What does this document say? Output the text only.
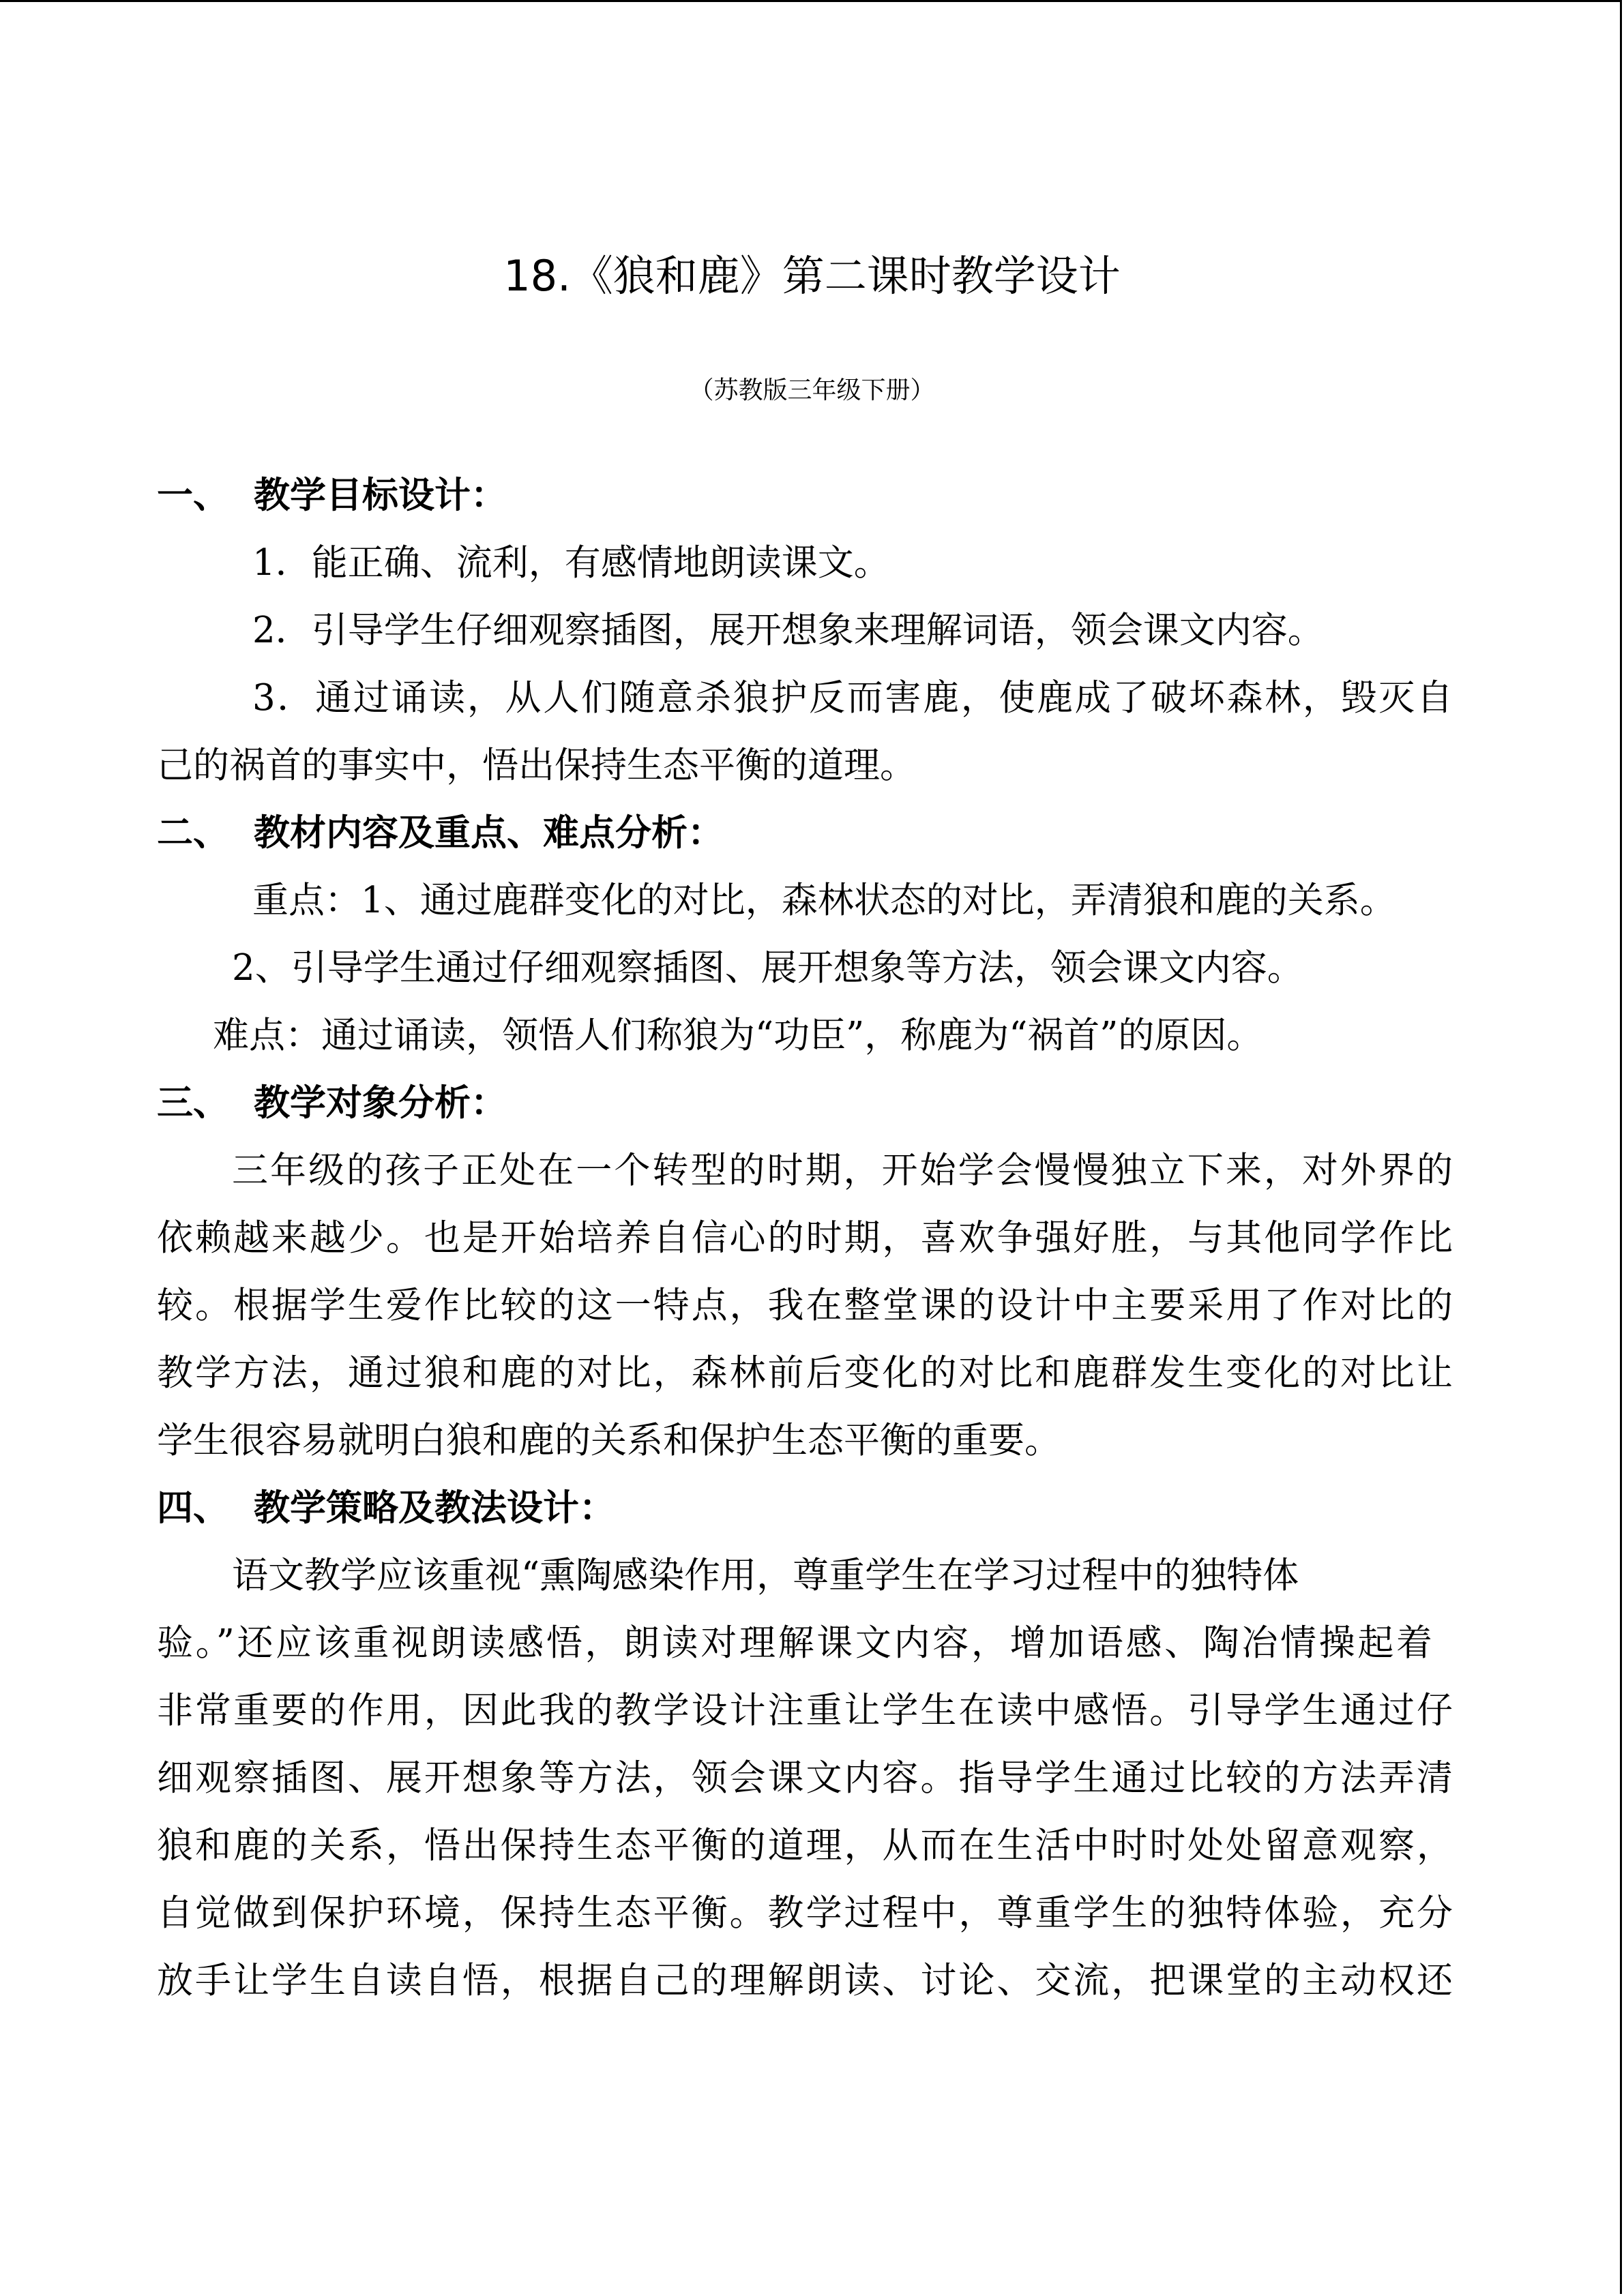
18.《狼和鹿》第二课时教学设计
（苏教版三年级下册）
一、 教学目标设计：
1．能正确、流利，有感情地朗读课文。
2．引导学生仔细观察插图，展开想象来理解词语，领会课文内容。
3．通过诵读，从人们随意杀狼护反而害鹿，使鹿成了破坏森林，毁灭自
己的祸首的事实中，悟出保持生态平衡的道理。
二、 教材内容及重点、难点分析：
重点：1、通过鹿群变化的对比，森林状态的对比，弄清狼和鹿的关系。
2、引导学生通过仔细观察插图、展开想象等方法，领会课文内容。
难点：通过诵读，领悟人们称狼为“功臣”，称鹿为“祸首”的原因。
三、 教学对象分析：
三年级的孩子正处在一个转型的时期，开始学会慢慢独立下来，对外界的
依赖越来越少。也是开始培养自信心的时期，喜欢争强好胜，与其他同学作比
较。根据学生爱作比较的这一特点，我在整堂课的设计中主要采用了作对比的
教学方法，通过狼和鹿的对比，森林前后变化的对比和鹿群发生变化的对比让
学生很容易就明白狼和鹿的关系和保护生态平衡的重要。
四、 教学策略及教法设计：
语文教学应该重视“熏陶感染作用，尊重学生在学习过程中的独特体
验。”还应该重视朗读感悟，朗读对理解课文内容，增加语感、陶冶情操起着
非常重要的作用，因此我的教学设计注重让学生在读中感悟。引导学生通过仔
细观察插图、展开想象等方法，领会课文内容。指导学生通过比较的方法弄清
狼和鹿的关系，悟出保持生态平衡的道理，从而在生活中时时处处留意观察，
自觉做到保护环境，保持生态平衡。教学过程中，尊重学生的独特体验，充分
放手让学生自读自悟，根据自己的理解朗读、讨论、交流，把课堂的主动权还
